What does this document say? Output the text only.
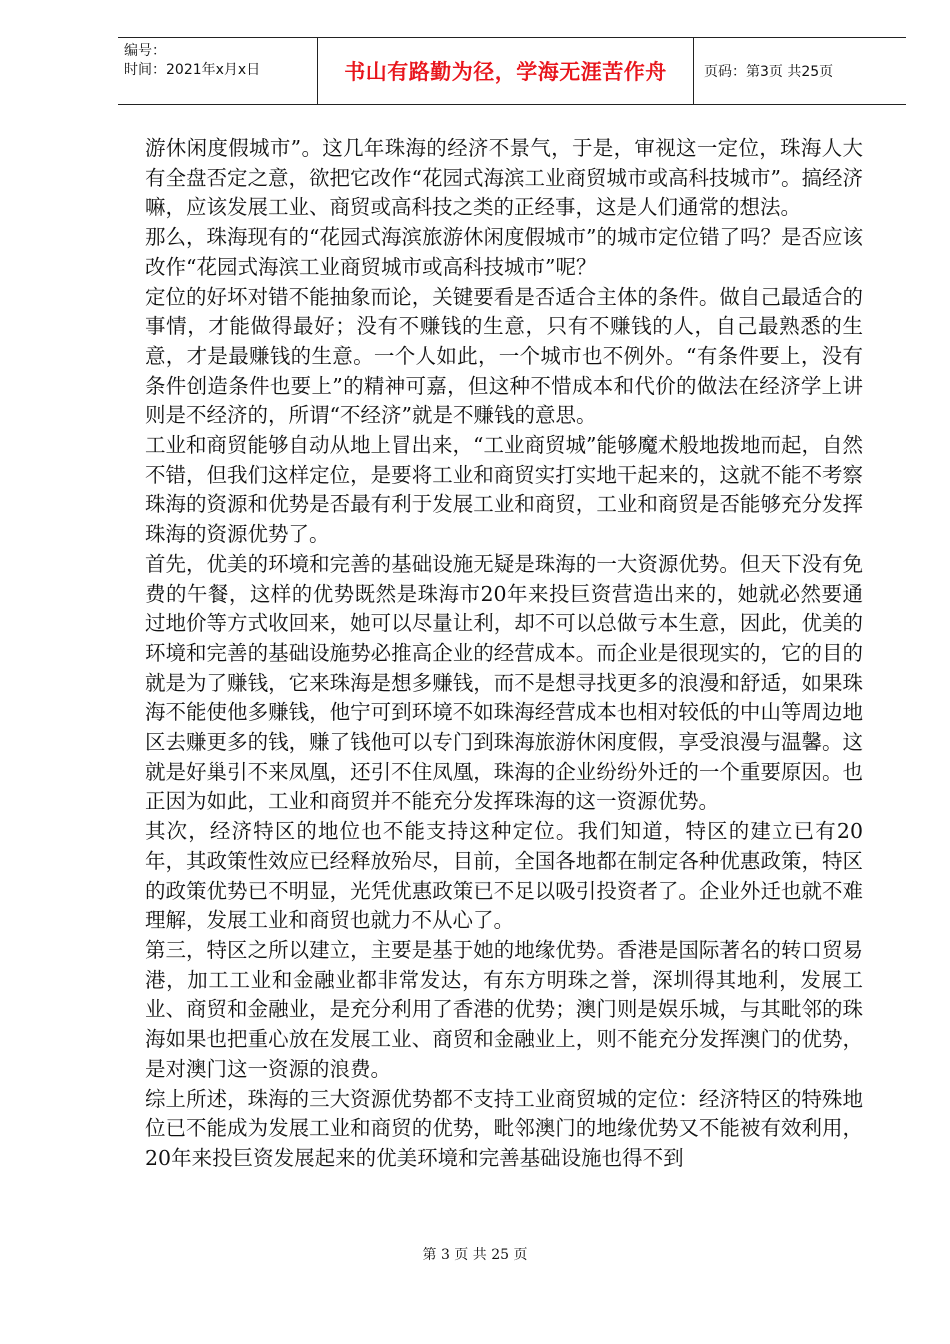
编号：
时间：2021年x月x日	书山有路勤为径，学海无涯苦作舟	页码：第3页 共25页

游休闲度假城市”。这几年珠海的经济不景气，于是，审视这一定位，珠海人大有全盘否定之意，欲把它改作“花园式海滨工业商贸城市或高科技城市”。搞经济嘛，应该发展工业、商贸或高科技之类的正经事，这是人们通常的想法。

那么，珠海现有的“花园式海滨旅游休闲度假城市”的城市定位错了吗？是否应该改作“花园式海滨工业商贸城市或高科技城市”呢？

定位的好坏对错不能抽象而论，关键要看是否适合主体的条件。做自己最适合的事情，才能做得最好；没有不赚钱的生意，只有不赚钱的人，自己最熟悉的生意，才是最赚钱的生意。一个人如此，一个城市也不例外。“有条件要上，没有条件创造条件也要上”的精神可嘉，但这种不惜成本和代价的做法在经济学上讲则是不经济的，所谓“不经济”就是不赚钱的意思。

工业和商贸能够自动从地上冒出来，“工业商贸城”能够魔术般地拨地而起，自然不错，但我们这样定位，是要将工业和商贸实打实地干起来的，这就不能不考察珠海的资源和优势是否最有利于发展工业和商贸，工业和商贸是否能够充分发挥珠海的资源优势了。

首先，优美的环境和完善的基础设施无疑是珠海的一大资源优势。但天下没有免费的午餐，这样的优势既然是珠海市20年来投巨资营造出来的，她就必然要通过地价等方式收回来，她可以尽量让利，却不可以总做亏本生意，因此，优美的环境和完善的基础设施势必推高企业的经营成本。而企业是很现实的，它的目的就是为了赚钱，它来珠海是想多赚钱，而不是想寻找更多的浪漫和舒适，如果珠海不能使他多赚钱，他宁可到环境不如珠海经营成本也相对较低的中山等周边地区去赚更多的钱，赚了钱他可以专门到珠海旅游休闲度假，享受浪漫与温馨。这就是好巢引不来凤凰，还引不住凤凰，珠海的企业纷纷外迁的一个重要原因。也正因为如此，工业和商贸并不能充分发挥珠海的这一资源优势。

其次，经济特区的地位也不能支持这种定位。我们知道，特区的建立已有20年，其政策性效应已经释放殆尽，目前，全国各地都在制定各种优惠政策，特区的政策优势已不明显，光凭优惠政策已不足以吸引投资者了。企业外迁也就不难理解，发展工业和商贸也就力不从心了。

第三，特区之所以建立，主要是基于她的地缘优势。香港是国际著名的转口贸易港，加工工业和金融业都非常发达，有东方明珠之誉，深圳得其地利，发展工业、商贸和金融业，是充分利用了香港的优势；澳门则是娱乐城，与其毗邻的珠海如果也把重心放在发展工业、商贸和金融业上，则不能充分发挥澳门的优势，是对澳门这一资源的浪费。

综上所述，珠海的三大资源优势都不支持工业商贸城的定位：经济特区的特殊地位已不能成为发展工业和商贸的优势，毗邻澳门的地缘优势又不能被有效利用，20年来投巨资发展起来的优美环境和完善基础设施也得不到

第 3 页 共 25 页
